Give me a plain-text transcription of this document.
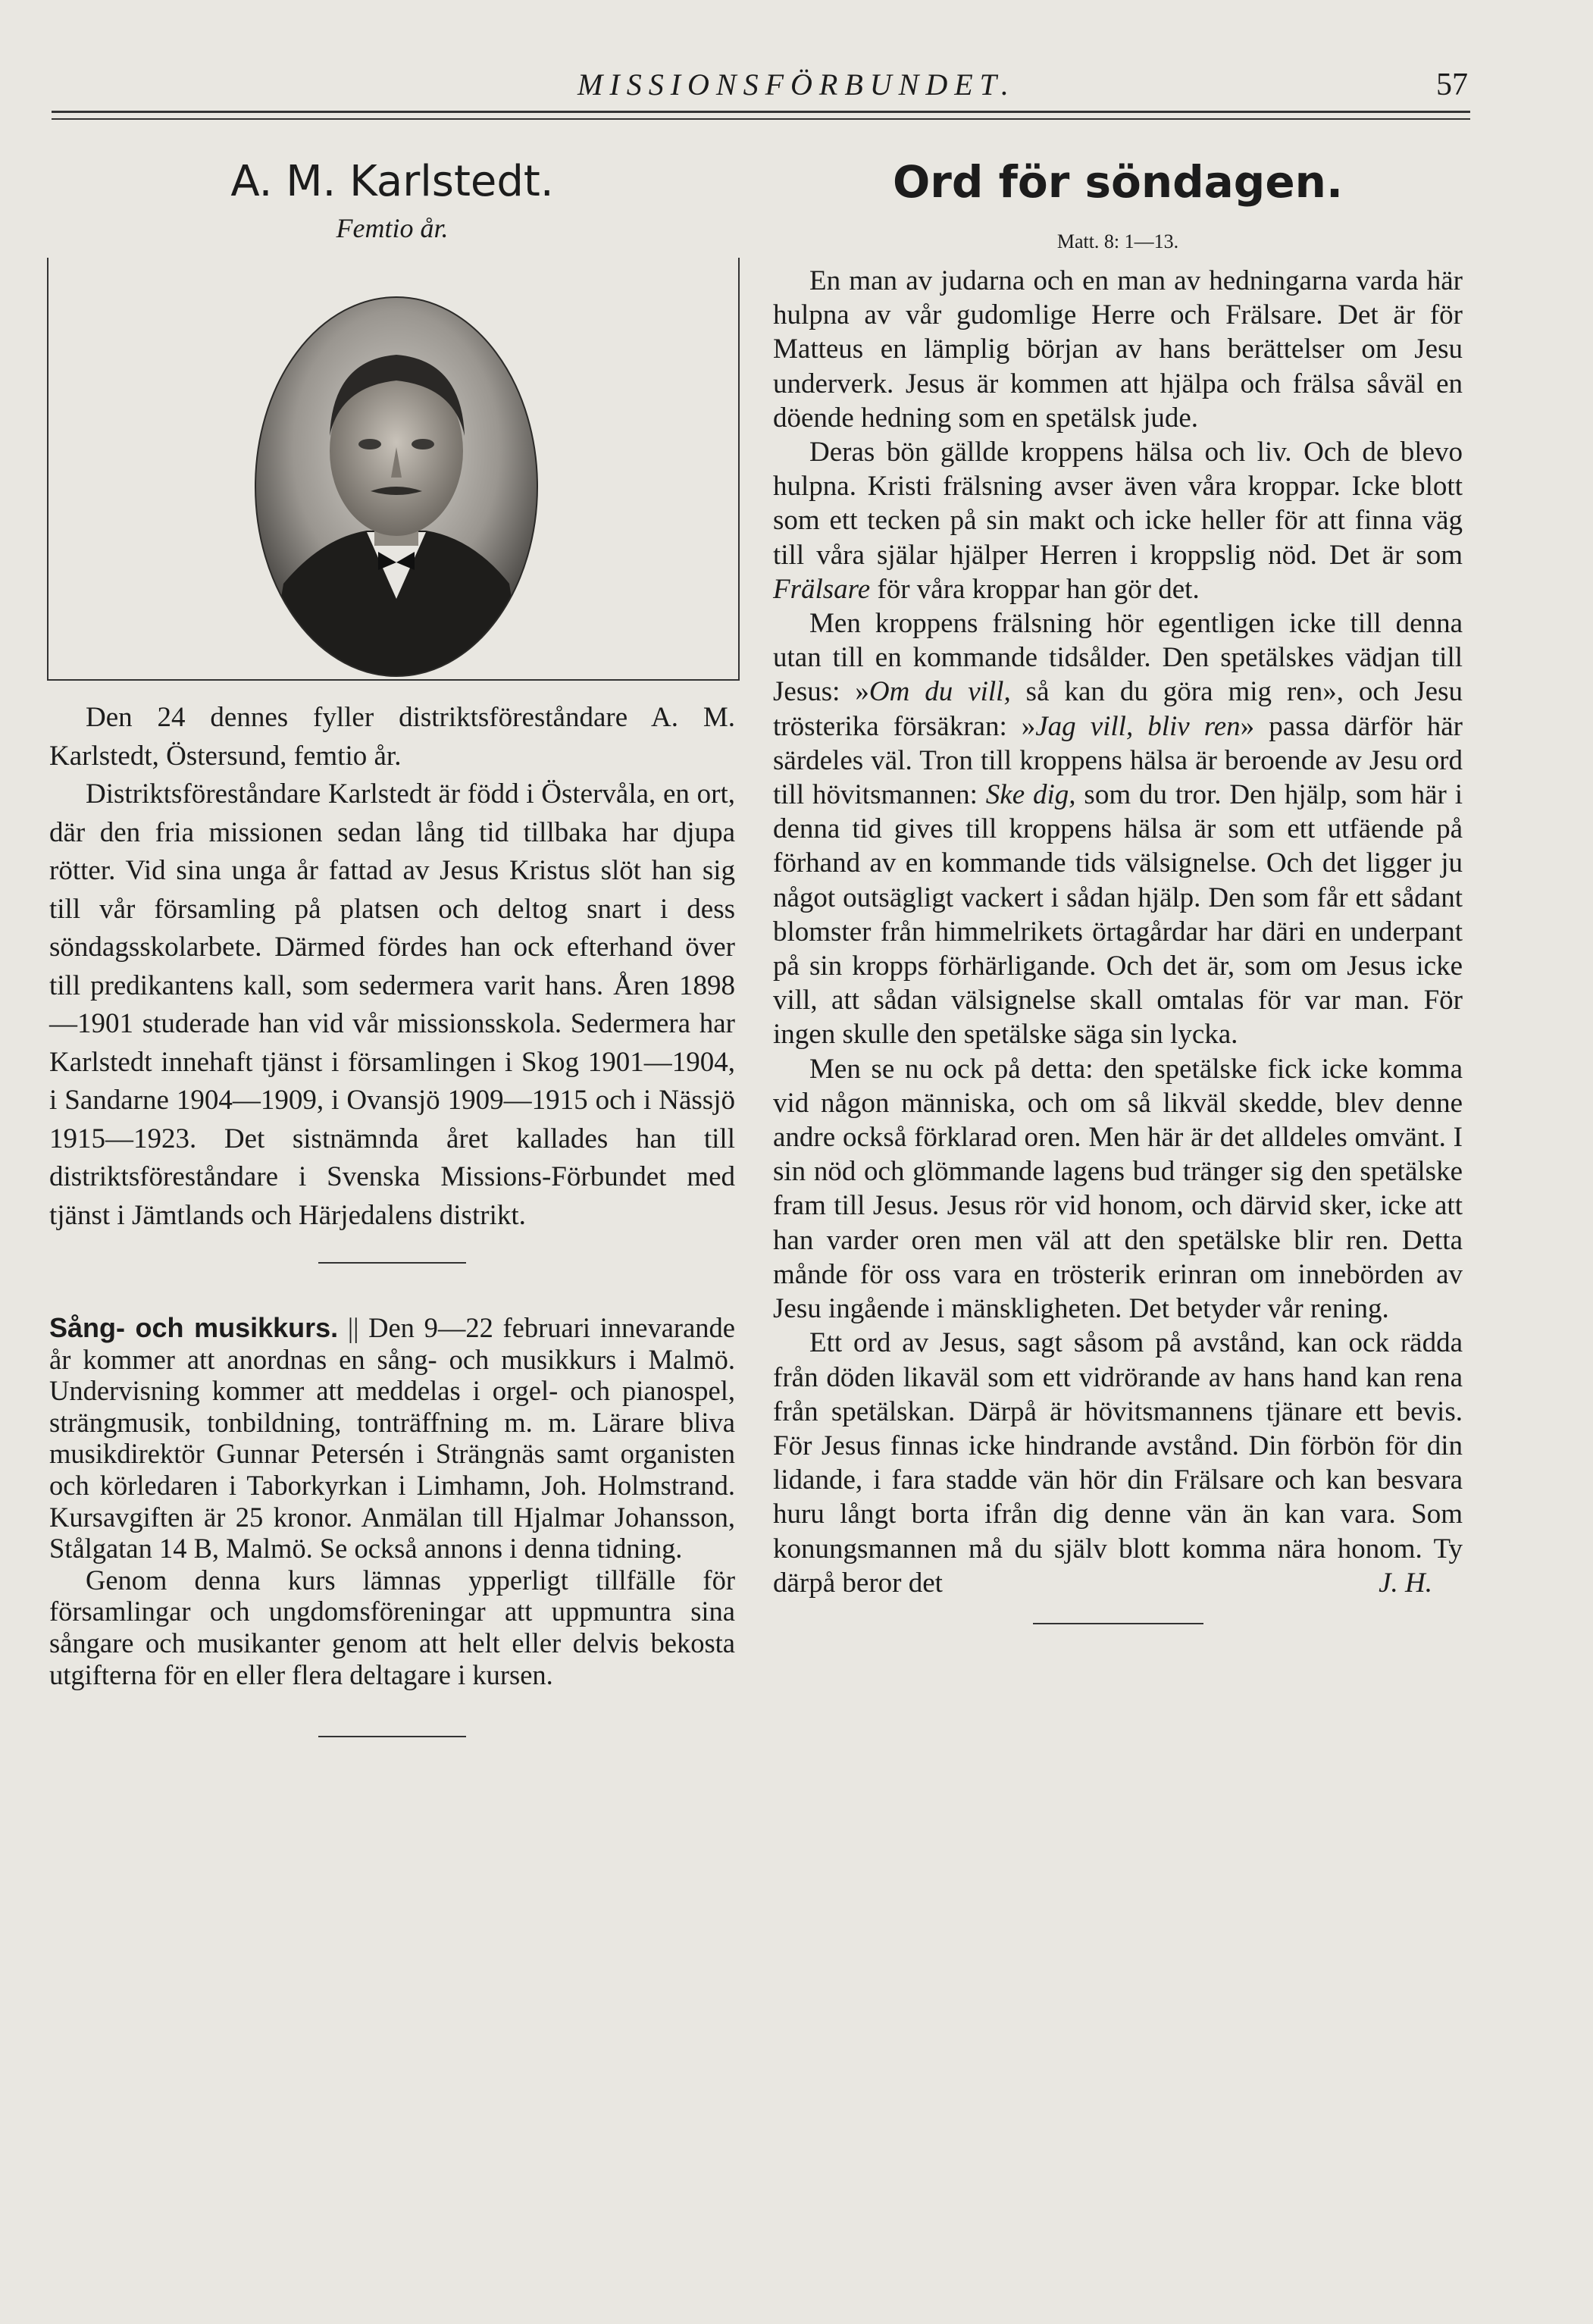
MISSIONSFÖRBUNDET.	57
A. M. Karlstedt.
Femtio år.

Den 24 dennes fyller distriktsföreståndare A. M. Karlstedt, Östersund, femtio år.

Distriktsföreståndare Karlstedt är född i Östervåla, en ort, där den fria missionen sedan lång tid tillbaka har djupa rötter. Vid sina unga år fattad av Jesus Kristus slöt han sig till vår församling på platsen och deltog snart i dess söndagsskolarbete. Därmed fördes han ock efterhand över till predikantens kall, som sedermera varit hans. Åren 1898—1901 studerade han vid vår missionsskola. Sedermera har Karlstedt innehaft tjänst i församlingen i Skog 1901—1904, i Sandarne 1904—1909, i Ovansjö 1909—1915 och i Nässjö 1915—1923. Det sistnämnda året kallades han till distriktsföreståndare i Svenska Missions-Förbundet med tjänst i Jämtlands och Härjedalens distrikt.

Sång- och musikkurs. || Den 9—22 februari innevarande år kommer att anordnas en sång- och musikkurs i Malmö. Undervisning kommer att meddelas i orgel- och pianospel, strängmusik, tonbildning, tonträffning m. m. Lärare bliva musikdirektör Gunnar Petersén i Strängnäs samt organisten och körledaren i Taborkyrkan i Limhamn, Joh. Holmstrand. Kursavgiften är 25 kronor. Anmälan till Hjalmar Johansson, Stålgatan 14 B, Malmö. Se också annons i denna tidning.

Genom denna kurs lämnas ypperligt tillfälle för församlingar och ungdomsföreningar att uppmuntra sina sångare och musikanter genom att helt eller delvis bekosta utgifterna för en eller flera deltagare i kursen.

Ord för söndagen.
Matt. 8: 1—13.

En man av judarna och en man av hedningarna varda här hulpna av vår gudomlige Herre och Frälsare. Det är för Matteus en lämplig början av hans berättelser om Jesu underverk. Jesus är kommen att hjälpa och frälsa såväl en döende hedning som en spetälsk jude.

Deras bön gällde kroppens hälsa och liv. Och de blevo hulpna. Kristi frälsning avser även våra kroppar. Icke blott som ett tecken på sin makt och icke heller för att finna väg till våra själar hjälper Herren i kroppslig nöd. Det är som Frälsare för våra kroppar han gör det.

Men kroppens frälsning hör egentligen icke till denna utan till en kommande tidsålder. Den spetälskes vädjan till Jesus: »Om du vill, så kan du göra mig ren», och Jesu trösterika försäkran: »Jag vill, bliv ren» passa därför här särdeles väl. Tron till kroppens hälsa är beroende av Jesu ord till hövitsmannen: Ske dig, som du tror. Den hjälp, som här i denna tid gives till kroppens hälsa är som ett utfäende på förhand av en kommande tids välsignelse. Och det ligger ju något outsägligt vackert i sådan hjälp. Den som får ett sådant blomster från himmelrikets örtagårdar har däri en underpant på sin kropps förhärligande. Och det är, som om Jesus icke vill, att sådan välsignelse skall omtalas för var man. För ingen skulle den spetälske säga sin lycka.

Men se nu ock på detta: den spetälske fick icke komma vid någon människa, och om så likväl skedde, blev denne andre också förklarad oren. Men här är det alldeles omvänt. I sin nöd och glömmande lagens bud tränger sig den spetälske fram till Jesus. Jesus rör vid honom, och därvid sker, icke att han varder oren men väl att den spetälske blir ren. Detta månde för oss vara en trösterik erinran om innebörden av Jesu ingående i mänskligheten. Det betyder vår rening.

Ett ord av Jesus, sagt såsom på avstånd, kan ock rädda från döden likaväl som ett vidrörande av hans hand kan rena från spetälskan. Därpå är hövitsmannens tjänare ett bevis. För Jesus finnas icke hindrande avstånd. Din förbön för din lidande, i fara stadde vän hör din Frälsare och kan besvara huru långt borta ifrån dig denne vän än kan vara. Som konungsmannen må du själv blott komma nära honom. Ty därpå beror det	J. H.
